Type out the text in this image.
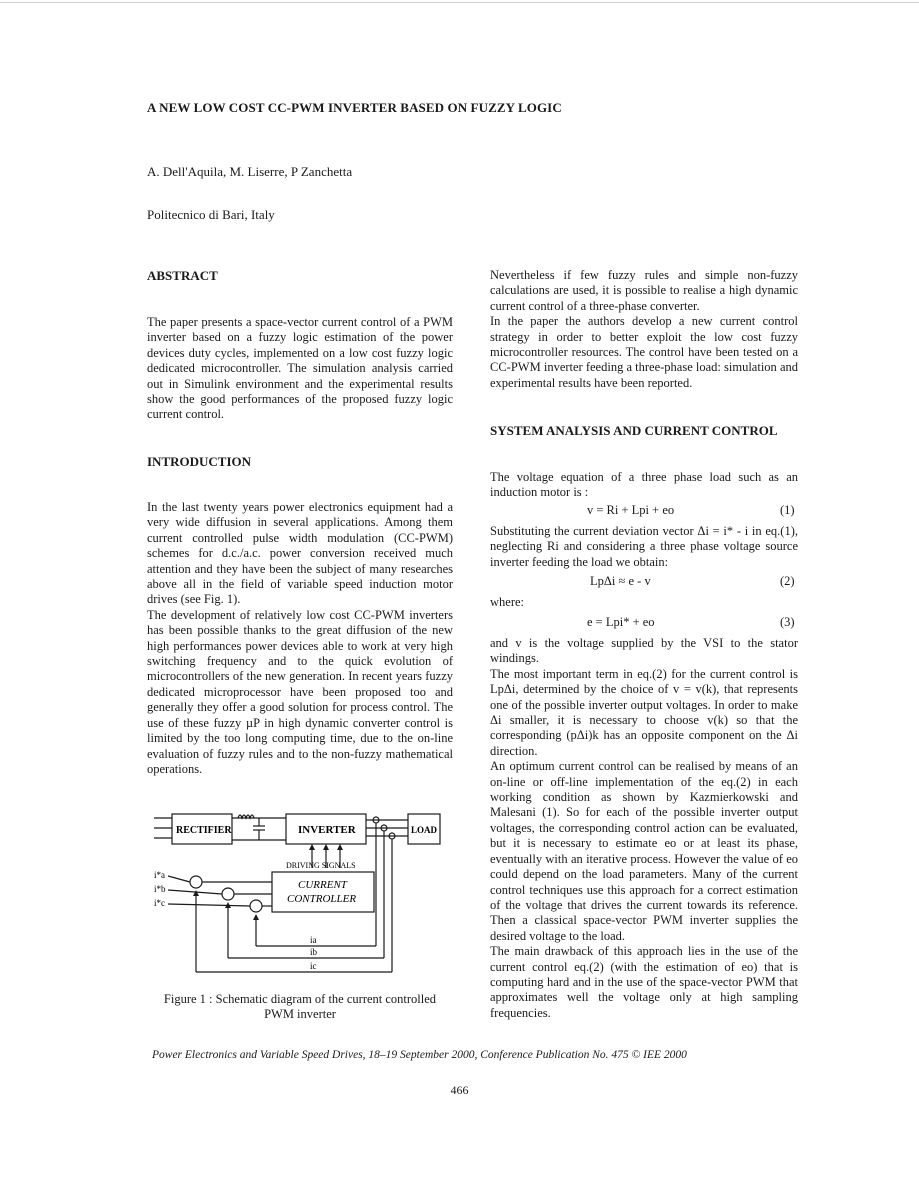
A NEW LOW COST CC-PWM INVERTER BASED ON FUZZY LOGIC
A. Dell'Aquila, M. Liserre, P Zanchetta
Politecnico di Bari, Italy
ABSTRACT

The paper presents a space-vector current control of a PWM inverter based on a fuzzy logic estimation of the power devices duty cycles, implemented on a low cost fuzzy logic dedicated microcontroller. The simulation analysis carried out in Simulink environment and the experimental results show the good performances of the proposed fuzzy logic current control.

INTRODUCTION

In the last twenty years power electronics equipment had a very wide diffusion in several applications. Among them current controlled pulse width modulation (CC-PWM) schemes for d.c./a.c. power conversion received much attention and they have been the subject of many researches above all in the field of variable speed induction motor drives (see Fig. 1).

The development of relatively low cost CC-PWM inverters has been possible thanks to the great diffusion of the new high performances power devices able to work at very high switching frequency and to the quick evolution of microcontrollers of the new generation. In recent years fuzzy dedicated microprocessor have been proposed too and generally they offer a good solution for process control. The use of these fuzzy µP in high dynamic converter control is limited by the too long computing time, due to the on-line evaluation of fuzzy rules and to the non-fuzzy mathematical operations.

RECTIFIER	INVERTER	LOAD
DRIVING SIGNALS
CURRENT
CONTROLLER
i*a
i*b
i*c
ia
ib
ic
Figure 1 : Schematic diagram of the current controlled
PWM inverter

Nevertheless if few fuzzy rules and simple non-fuzzy calculations are used, it is possible to realise a high dynamic current control of a three-phase converter.

In the paper the authors develop a new current control strategy in order to better exploit the low cost fuzzy microcontroller resources. The control have been tested on a CC-PWM inverter feeding a three-phase load: simulation and experimental results have been reported.

SYSTEM ANALYSIS AND CURRENT CONTROL

The voltage equation of a three phase load such as an induction motor is :

v = Ri + Lpi + eo	(1)

Substituting the current deviation vector Δi = i* - i in eq.(1), neglecting Ri and considering a three phase voltage source inverter feeding the load we obtain:

LpΔi ≈ e - v	(2)
where:
e = Lpi* + eo	(3)

and v is the voltage supplied by the VSI to the stator windings.

The most important term in eq.(2) for the current control is LpΔi, determined by the choice of v = v(k), that represents one of the possible inverter output voltages. In order to make Δi smaller, it is necessary to choose v(k) so that the corresponding (pΔi)k has an opposite component on the Δi direction.

An optimum current control can be realised by means of an on-line or off-line implementation of the eq.(2) in each working condition as shown by Kazmierkowski and Malesani (1). So for each of the possible inverter output voltages, the corresponding control action can be evaluated, but it is necessary to estimate eo or at least its phase, eventually with an iterative process. However the value of eo could depend on the load parameters. Many of the current control techniques use this approach for a correct estimation of the voltage that drives the current towards its reference. Then a classical space-vector PWM inverter supplies the desired voltage to the load.

The main drawback of this approach lies in the use of the current control eq.(2) (with the estimation of eo) that is computing hard and in the use of the space-vector PWM that approximates well the voltage only at high sampling frequencies.

Power Electronics and Variable Speed Drives, 18–19 September 2000, Conference Publication No. 475 © IEE 2000
466
